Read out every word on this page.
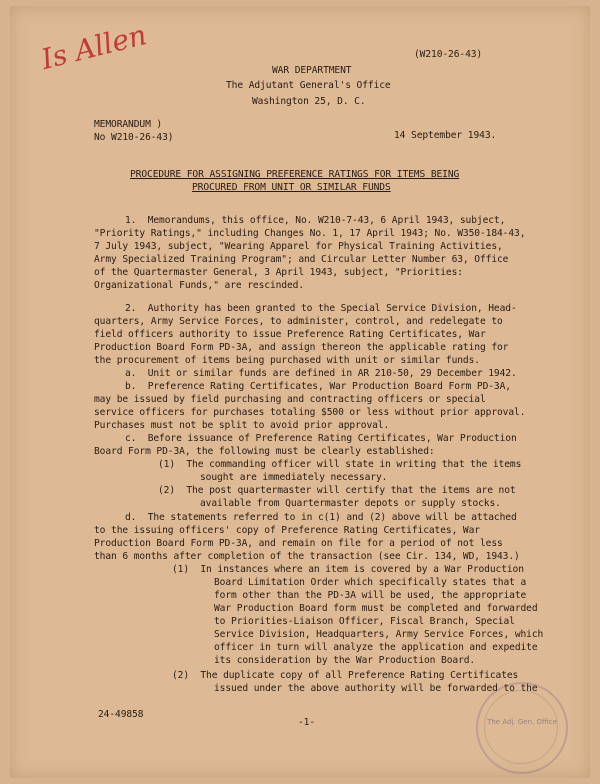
Is Allen	(W210-26-43)
WAR DEPARTMENT
The Adjutant General's Office
Washington 25, D. C.
MEMORANDUM )
No W210-26-43)	14 September 1943.
PROCEDURE FOR ASSIGNING PREFERENCE RATINGS FOR ITEMS BEING
PROCURED FROM UNIT OR SIMILAR FUNDS
1.  Memorandums, this office, No. W210-7-43, 6 April 1943, subject,
"Priority Ratings," including Changes No. 1, 17 April 1943; No. W350-184-43,
7 July 1943, subject, "Wearing Apparel for Physical Training Activities,
Army Specialized Training Program"; and Circular Letter Number 63, Office
of the Quartermaster General, 3 April 1943, subject, "Priorities:
Organizational Funds," are rescinded.
2.  Authority has been granted to the Special Service Division, Head-
quarters, Army Service Forces, to administer, control, and redelegate to
field officers authority to issue Preference Rating Certificates, War
Production Board Form PD-3A, and assign thereon the applicable rating for
the procurement of items being purchased with unit or similar funds.
a.  Unit or similar funds are defined in AR 210-50, 29 December 1942.
b.  Preference Rating Certificates, War Production Board Form PD-3A,
may be issued by field purchasing and contracting officers or special
service officers for purchases totaling $500 or less without prior approval.
Purchases must not be split to avoid prior approval.
c.  Before issuance of Preference Rating Certificates, War Production
Board Form PD-3A, the following must be clearly established:
(1)  The commanding officer will state in writing that the items
sought are immediately necessary.
(2)  The post quartermaster will certify that the items are not
available from Quartermaster depots or supply stocks.
d.  The statements referred to in c(1) and (2) above will be attached
to the issuing officers' copy of Preference Rating Certificates, War
Production Board Form PD-3A, and remain on file for a period of not less
than 6 months after completion of the transaction (see Cir. 134, WD, 1943.)
(1)  In instances where an item is covered by a War Production
Board Limitation Order which specifically states that a
form other than the PD-3A will be used, the appropriate
War Production Board form must be completed and forwarded
to Priorities-Liaison Officer, Fiscal Branch, Special
Service Division, Headquarters, Army Service Forces, which
officer in turn will analyze the application and expedite
its consideration by the War Production Board.
(2)  The duplicate copy of all Preference Rating Certificates
issued under the above authority will be forwarded to the
24-49858
-1-	The Adj. Gen. Office
